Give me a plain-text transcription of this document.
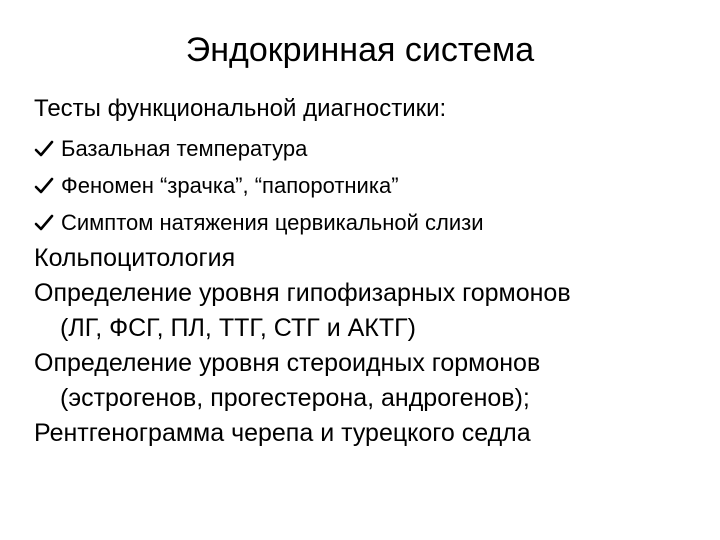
Эндокринная система
Тесты функциональной диагностики:
Базальная температура
Феномен “зрачка”, “папоротника”
Симптом натяжения цервикальной слизи
Кольпоцитология
Определение уровня гипофизарных гормонов
(ЛГ, ФСГ, ПЛ, ТТГ, СТГ и АКТГ)
Определение уровня стероидных гормонов
(эстрогенов, прогестерона, андрогенов);
Рентгенограмма черепа и турецкого седла
